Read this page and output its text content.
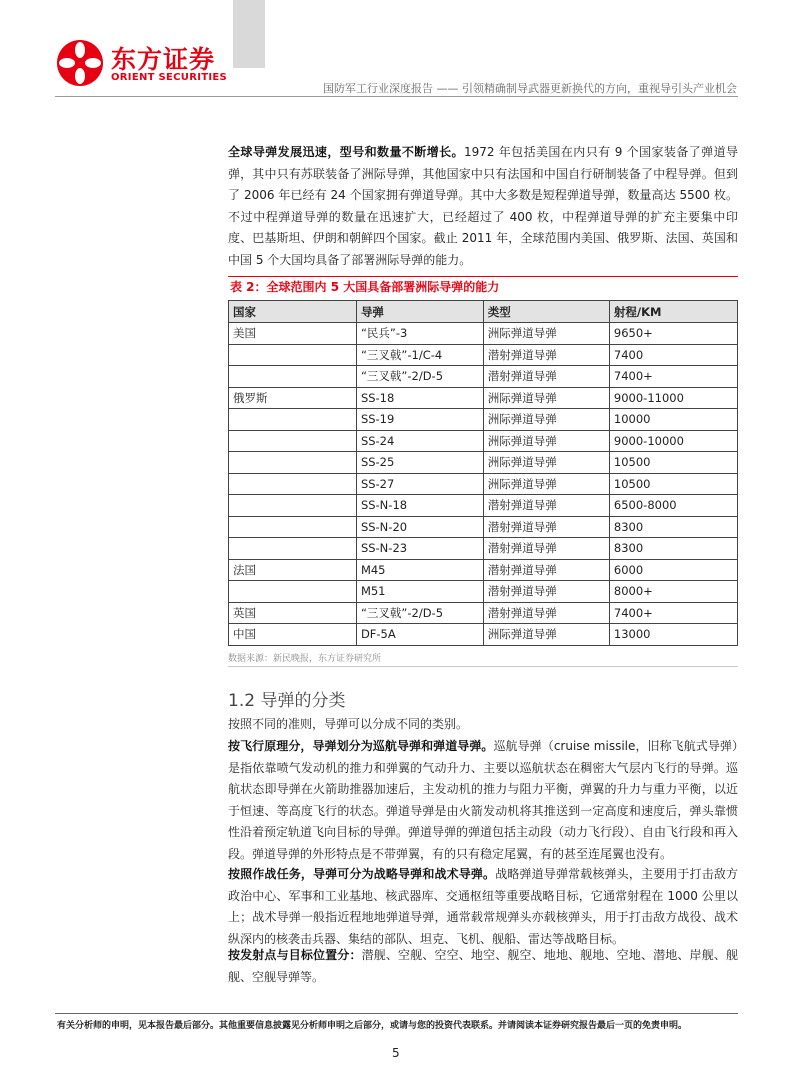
东方证券
ORIENT SECURITIES
国防军工行业深度报告 —— 引领精确制导武器更新换代的方向，重视导引头产业机会
全球导弹发展迅速，型号和数量不断增长。1972 年包括美国在内只有 9 个国家装备了弹道导弹，其中只有苏联装备了洲际导弹，其他国家中只有法国和中国自行研制装备了中程导弹。但到了 2006 年已经有 24 个国家拥有弹道导弹。其中大多数是短程弹道导弹，数量高达 5500 枚。不过中程弹道导弹的数量在迅速扩大，已经超过了 400 枚，中程弹道导弹的扩充主要集中印度、巴基斯坦、伊朗和朝鲜四个国家。截止 2011 年，全球范围内美国、俄罗斯、法国、英国和中国 5 个大国均具备了部署洲际导弹的能力。
表 2：全球范围内 5 大国具备部署洲际导弹的能力
国家	导弹	类型	射程/KM
美国	“民兵”-3	洲际弹道导弹	9650+
	“三叉戟”-1/C-4	潜射弹道导弹	7400
	“三叉戟”-2/D-5	潜射弹道导弹	7400+
俄罗斯	SS-18	洲际弹道导弹	9000-11000
	SS-19	洲际弹道导弹	10000
	SS-24	洲际弹道导弹	9000-10000
	SS-25	洲际弹道导弹	10500
	SS-27	洲际弹道导弹	10500
	SS-N-18	潜射弹道导弹	6500-8000
	SS-N-20	潜射弹道导弹	8300
	SS-N-23	潜射弹道导弹	8300
法国	M45	潜射弹道导弹	6000
	M51	潜射弹道导弹	8000+
英国	“三叉戟”-2/D-5	潜射弹道导弹	7400+
中国	DF-5A	洲际弹道导弹	13000
数据来源：新民晚报，东方证券研究所
1.2 导弹的分类
按照不同的准则，导弹可以分成不同的类别。
按飞行原理分，导弹划分为巡航导弹和弹道导弹。巡航导弹（cruise missile，旧称飞航式导弹）是指依靠喷气发动机的推力和弹翼的气动升力、主要以巡航状态在稠密大气层内飞行的导弹。巡航状态即导弹在火箭助推器加速后，主发动机的推力与阻力平衡，弹翼的升力与重力平衡，以近于恒速、等高度飞行的状态。弹道导弹是由火箭发动机将其推送到一定高度和速度后，弹头靠惯性沿着预定轨道飞向目标的导弹。弹道导弹的弹道包括主动段（动力飞行段）、自由飞行段和再入段。弹道导弹的外形特点是不带弹翼，有的只有稳定尾翼，有的甚至连尾翼也没有。
按照作战任务，导弹可分为战略导弹和战术导弹。战略弹道导弹常载核弹头，主要用于打击敌方政治中心、军事和工业基地、核武器库、交通枢纽等重要战略目标，它通常射程在 1000 公里以上；战术导弹一般指近程地地弹道导弹，通常载常规弹头亦载核弹头，用于打击敌方战役、战术纵深内的核袭击兵器、集结的部队、坦克、飞机、舰船、雷达等战略目标。
按发射点与目标位置分：潜舰、空舰、空空、地空、舰空、地地、舰地、空地、潜地、岸舰、舰舰、空舰导弹等。
有关分析师的申明，见本报告最后部分。其他重要信息披露见分析师申明之后部分，或请与您的投资代表联系。并请阅读本证券研究报告最后一页的免责申明。
5
